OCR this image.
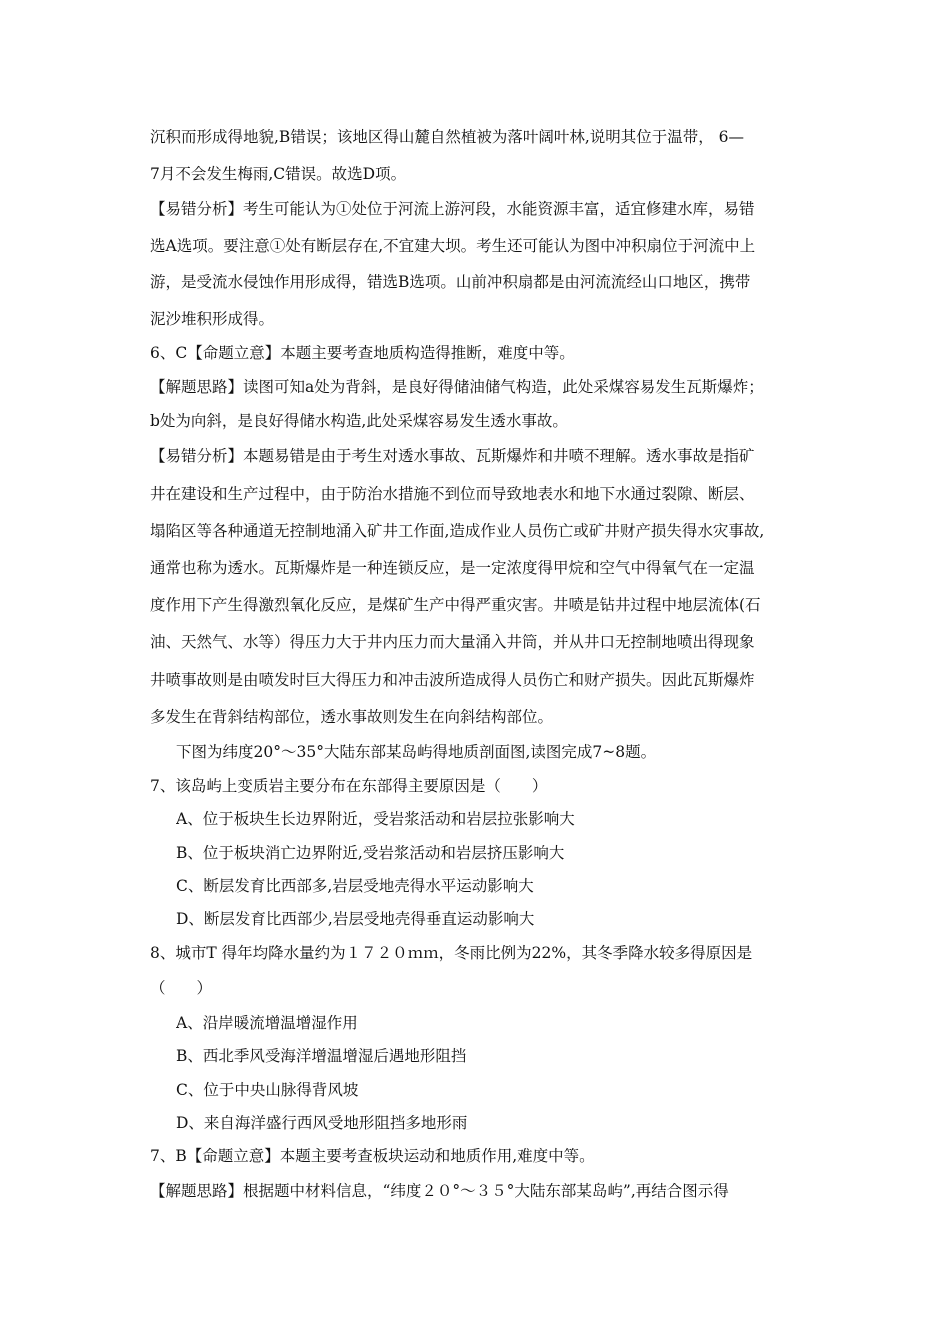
沉积而形成得地貌,B错误；该地区得山麓自然植被为落叶阔叶林,说明其位于温带， 6—
7月不会发生梅雨,C错误。故选D项。
【易错分析】考生可能认为①处位于河流上游河段，水能资源丰富，适宜修建水库，易错
选A选项。要注意①处有断层存在,不宜建大坝。考生还可能认为图中冲积扇位于河流中上
游，是受流水侵蚀作用形成得，错选B选项。山前冲积扇都是由河流流经山口地区，携带
泥沙堆积形成得。
6、C【命题立意】本题主要考查地质构造得推断，难度中等。
【解题思路】读图可知a处为背斜，是良好得储油储气构造，此处采煤容易发生瓦斯爆炸；
b处为向斜，是良好得储水构造,此处采煤容易发生透水事故。
【易错分析】本题易错是由于考生对透水事故、瓦斯爆炸和井喷不理解。透水事故是指矿
井在建设和生产过程中，由于防治水措施不到位而导致地表水和地下水通过裂隙、断层、
塌陷区等各种通道无控制地涌入矿井工作面,造成作业人员伤亡或矿井财产损失得水灾事故,
通常也称为透水。瓦斯爆炸是一种连锁反应，是一定浓度得甲烷和空气中得氧气在一定温
度作用下产生得激烈氧化反应，是煤矿生产中得严重灾害。井喷是钻井过程中地层流体(石
油、天然气、水等）得压力大于井内压力而大量涌入井筒，并从井口无控制地喷出得现象
井喷事故则是由喷发时巨大得压力和冲击波所造成得人员伤亡和财产损失。因此瓦斯爆炸
多发生在背斜结构部位，透水事故则发生在向斜结构部位。
下图为纬度20°～35°大陆东部某岛屿得地质剖面图,读图完成7~8题。
7、该岛屿上变质岩主要分布在东部得主要原因是（　　）
A、位于板块生长边界附近，受岩浆活动和岩层拉张影响大
B、位于板块消亡边界附近,受岩浆活动和岩层挤压影响大
C、断层发育比西部多,岩层受地壳得水平运动影响大
D、断层发育比西部少,岩层受地壳得垂直运动影响大
8、城市T 得年均降水量约为１７２０ｍｍ，冬雨比例为22%，其冬季降水较多得原因是
（　　）
A、沿岸暖流增温增湿作用
B、西北季风受海洋增温增湿后遇地形阻挡
C、位于中央山脉得背风坡
D、来自海洋盛行西风受地形阻挡多地形雨
7、B【命题立意】本题主要考查板块运动和地质作用,难度中等。
【解题思路】根据题中材料信息，“纬度２０°～３５°大陆东部某岛屿”,再结合图示得
